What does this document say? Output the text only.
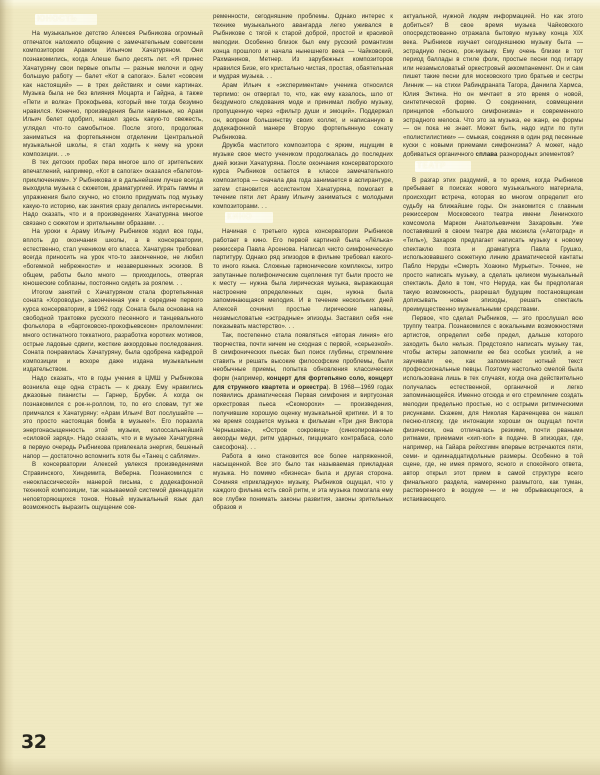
ЮНОСТЬ

На музыкальное детство Алексея Рыбникова огромный отпечаток наложило общение с замечательным советским композитором Арамом Ильичом Хачатуряном. Они познакомились, когда Алеше было десять лет. «Я принес Хачатуряну свои первые опыты — разные мелочи и одну большую работу — балет «Кот в сапогах». Балет «совсем как настоящий» — в трех действиях и семи картинах. Музыка была не без влияния Моцарта и Гайдна, а также «Пети и волка» Прокофьева, который мне тогда безумно нравился. Конечно, произведения были наивные, но Арам Ильич белет одобрил, нашел здесь какую-то свежесть, углядел что-то самобытное. После этого, продолжая заниматься на фортепьянном отделении Центральной музыкальной школы, я стал ходить к нему на уроки композиции. . .»

В тех детских пробах пера многое шло от зрительских впечатлений, например, «Кот в сапогах» оказался «балетом-приключением». У Рыбникова и в дальнейшем лучше всегда выходила музыка с сюжетом, драматургией. Играть гаммы и упражнения было скучно, но стоило придумать под музыку какую-то историю, как занятия сразу делались интересными. Надо сказать, что и в произведениях Хачатуряна многое связано с сюжетом и зрительными образами. . .

На уроки к Араму Ильичу Рыбников ходил все годы, вплоть до окончания школы, а в консерватории, естественно, стал учеником его класса. Хачатурян требовал всегда приносить на урок что-то законченное, не любил «богемной небрежности» и незавершенных эскизов. В общем, работы было много — приходилось, отвергая юношеские соблазны, постоянно сидеть за роялем. . .

Итогом занятий с Хачатуряном стала фортепьянная соната «Хороводы», законченная уже к середине первого курса консерватории, в 1962 году. Соната была основана на свободной трактовке русского песенного и танцевального фольклора в «бартоковско-прокофьевском» преломлении: много остинатного токкатного, разработка коротких мотивов, острые ладовые сдвиги, жесткие аккордовые последования. Соната понравилась Хачатуряну, была одобрена кафедрой композиции и вскоре даже издана музыкальным издательством.

Надо сказать, что в годы учения в ЦМШ у Рыбникова возникла еще одна страсть — к джазу. Ему нравились джазовые пианисты — Гарнер, Брубек. А когда он познакомился с рок-н-роллом, то, по его словам, тут же примчался к Хачатуряну: «Арам Ильич! Вот послушайте — это просто настоящая бомба в музыке!». Его поразила энергонасыщенность этой музыки, колоссальнейший «силовой заряд». Надо сказать, что и в музыке Хачатуряна в первую очередь Рыбникова привлекала энергия, бешеный напор — достаточно вспомнить хотя бы «Танец с саблями».

В консерватории Алексей увлекся произведениями Стравинского, Хиндемита, Веберна. Познакомился с «неоклассической» манерой письма, с додекафонной техникой композиции, так называемой системой двенадцати неповторяющихся тонов. Новый музыкальный язык дал возможность выразить ощущение сов-

ременности, сегодняшние проблемы. Однако интерес к технике музыкального авангарда легко уживался в Рыбникове с тягой к старой доброй, простой и красивой мелодии. Особенно близок был ему русский романтизм конца прошлого и начала нынешнего века — Чайковский, Рахманинов, Метнер. Из зарубежных композиторов нравился Бизе, его кристально чистая, простая, обаятельная и мудрая музыка. . .

Арам Ильич к «экспериментам» ученика относился терпимо: он отвергал то, что, как ему казалось, шло от бездумного следования моде и принимал любую музыку, пропущенную через «фильтр души и эмоций». Поддержал он, вопреки большинству своих коллег, и написанную в додекафонной манере Вторую фортепьянную сонату Рыбникова.

Дружба маститого композитора с ярким, ищущим в музыке свое место учеником продолжалась до последних дней жизни Хачатуряна. После окончания консерваторского курса Рыбников остается в классе замечательного композитора — сначала два года занимается в аспирантуре, затем становится ассистентом Хачатуряна, помогает в течение пяти лет Араму Ильичу заниматься с молодыми композиторами. . .

КИНО

Начиная с третьего курса консерватории Рыбников работает в кино. Его первой картиной была «Лёлька» режиссера Павла Арсенова. Написал чисто симфоническую партитуру. Однако ряд эпизодов в фильме требовал какого-то иного языка. Сложные гармонические комплексы, хитро запутанные полифонические сцепления тут были просто не к месту — нужна была лирическая музыка, выражающая настроение определенных сцен, нужна была запоминающаяся мелодия. И в течение нескольких дней Алексей сочинил простые лирические напевы, незамысловатые «эстрадные» эпизоды. Заставил себя «не показывать мастерство». . .

Так, постепенно стала появляться «вторая линия» его творчества, почти ничем не сходная с первой, «серьезной». В симфонических пьесах был поиск глубины, стремление ставить и решать высокие философские проблемы, были необычные приемы, попытка обновления классических форм (например, концерт для фортепьяно соло, концерт для струнного квартета и оркестра). В 1968—1969 годах появились драматическая Первая симфония и виртуозная оркестровая пьеса «Скоморохи» — произведения, получившие хорошую оценку музыкальной критики. И в то же время создается музыка к фильмам «Три дня Виктора Чернышева», «Остров сокровищ» (синкопированные аккорды меди, ритм ударных, пиццикато контрабаса, соло саксофона). . .

Работа в кино становится все более напряженной, насыщенной. Все это было так называемая прикладная музыка. Но помимо «бизнеса» была и другая сторона. Сочиняя «прикладную» музыку, Рыбников ощущал, что у каждого фильма есть свой ритм, и эта музыка помогала ему все глубже понимать законы развития, законы зрительных образов и

актуальной, нужной людям информацией. Но как этого добиться? В свое время музыка Чайковского опосредствованно отражала бытовую музыку конца XIX века. Рыбников изучает сегодняшнюю музыку быта — эстрадную песню, рок-музыку. Ему очень близки в тот период баллады в стиле фолк, простые песни под гитару или незамысловатый оркестровый аккомпанемент. Он и сам пишет такие песни для московского трио братьев и сестры Линник — на стихи Рабиндраната Тагора, Даниила Хармса, Юлия Энтина. Но он мечтает в это время о новой, синтетической форме. О соединении, совмещении принципов «большого симфонизма» и современного эстрадного мелоса. Что это за музыка, ее жанр, ее формы — он пока не знает. Может быть, надо идти по пути «полистилистики» — смыкая, соединяя в один ряд песенные куски с новыми приемами симфонизма? А может, надо добиваться органичного сплава разнородных элементов?

ТЕАТР

В разгар этих раздумий, в то время, когда Рыбников пребывает в поисках нового музыкального материала, происходит встреча, которая во многом определит его судьбу на ближайшие годы. Он знакомится с главным режиссером Московского театра имени Ленинского комсомола Марком Анатольевичем Захаровым. Уже поставивший в своем театре два мюзикла («Автоград» и «Тиль»), Захаров предлагает написать музыку к новому спектаклю поэта и драматурга Павла Грушко, использовавшего сюжетную линию драматической кантаты Пабло Неруды «Смерть Хоакино Мурьеты». Точнее, не просто написать музыку, а сделать целиком музыкальный спектакль. Дело в том, что Неруда, как бы предполагая такую возможность, разрешал будущим постановщикам дописывать новые эпизоды, решать спектакль преимущественно музыкальными средствами.

Первое, что сделал Рыбников, — это прослушал всю труппу театра. Познакомился с вокальными возможностями артистов, определил себе предел, дальше которого заходить было нельзя. Предстояло написать музыку так, чтобы актеры запомнили ее без особых усилий, а не заучивали ее, как запоминают нотный текст профессиональные певцы. Поэтому настолько смелой была использована лишь в тех случаях, когда она действительно получалась естественной, органичной и легко запоминающейся. Именно отсюда и его стремление создать мелодии предельно простые, но с острыми ритмическими рисунками. Скажем, для Николая Караченцева он нашел песню-пляску, где интонации хороши он ощущал почти физически, она отличалась резкими, почти рваными ритмами, приемами «хип-хоп» в подаче. В эпизодах, где, например, на Гайара рейхсгимн впервые встречаются пяти, семи- и одиннадцатидольные размеры. Особенно в той сцене, где, не имея прямого, ясного и спокойного ответа, автор открыл этот прием в самой структуре всего финального раздела, намеренно размытого, как туман, растворенного в воздухе — и не обрывающегося, а истаивающего.

32
